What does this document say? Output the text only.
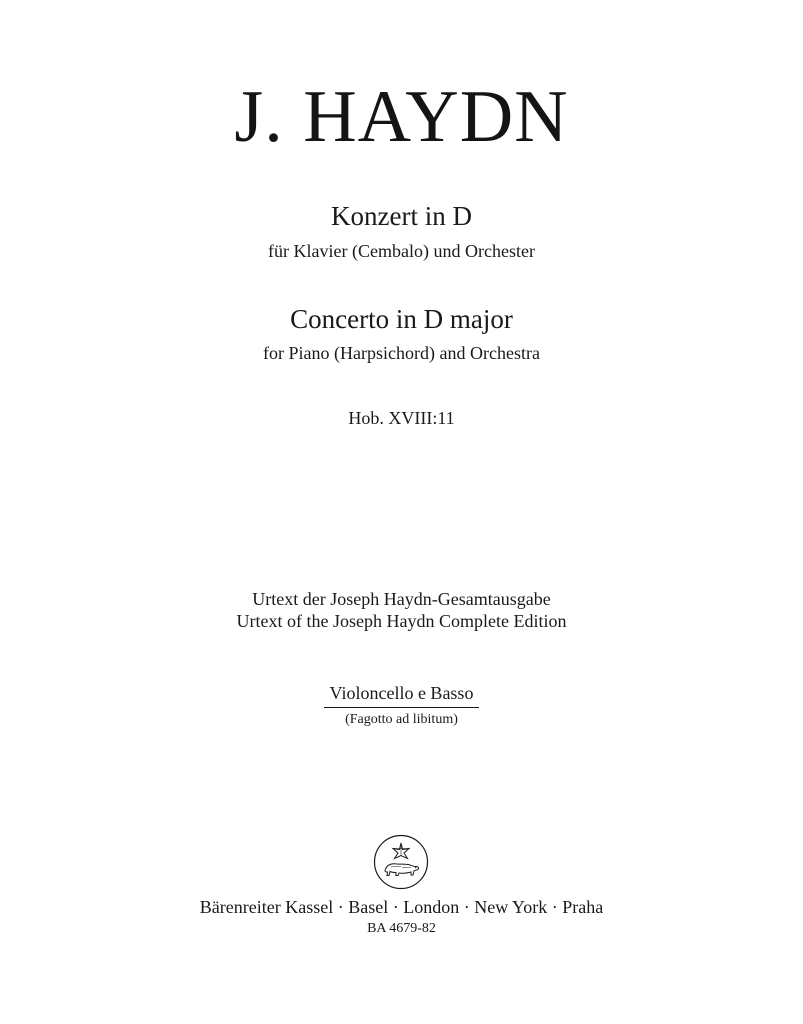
J. HAYDN
Konzert in D
für Klavier (Cembalo) und Orchester
Concerto in D major
for Piano (Harpsichord) and Orchestra
Hob. XVIII:11
Urtext der Joseph Haydn-Gesamtausgabe
Urtext of the Joseph Haydn Complete Edition
Violoncello e Basso
(Fagotto ad libitum)
Bärenreiter Kassel · Basel · London · New York · Praha
BA 4679-82
